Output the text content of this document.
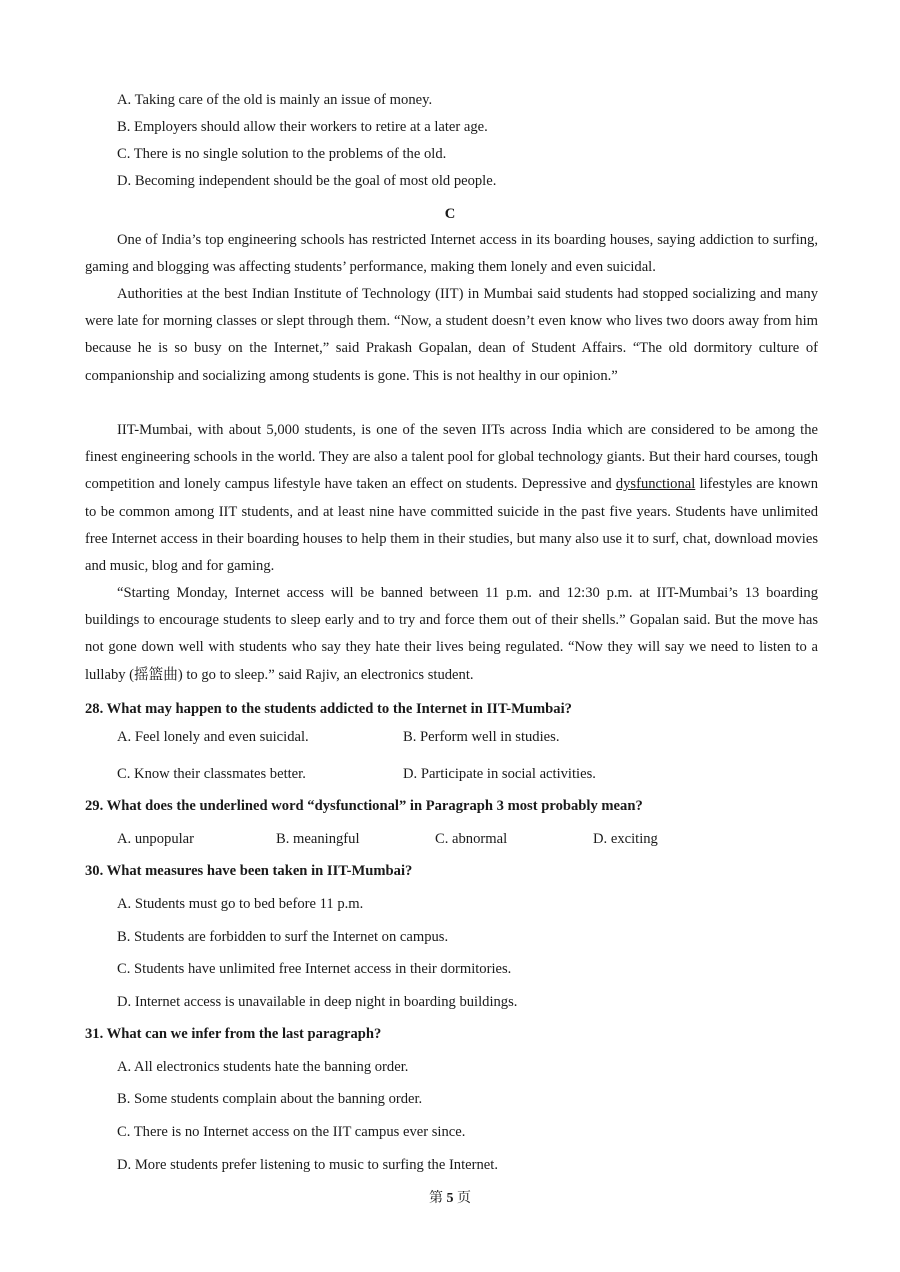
A. Taking care of the old is mainly an issue of money.
B. Employers should allow their workers to retire at a later age.
C. There is no single solution to the problems of the old.
D. Becoming independent should be the goal of most old people.
C
One of India’s top engineering schools has restricted Internet access in its boarding houses, saying addiction to surfing, gaming and blogging was affecting students’ performance, making them lonely and even suicidal.
Authorities at the best Indian Institute of Technology (IIT) in Mumbai said students had stopped socializing and many were late for morning classes or slept through them. “Now, a student doesn’t even know who lives two doors away from him because he is so busy on the Internet,” said Prakash Gopalan, dean of Student Affairs. “The old dormitory culture of companionship and socializing among students is gone. This is not healthy in our opinion.”
IIT-Mumbai, with about 5,000 students, is one of the seven IITs across India which are considered to be among the finest engineering schools in the world. They are also a talent pool for global technology giants. But their hard courses, tough competition and lonely campus lifestyle have taken an effect on students. Depressive and dysfunctional lifestyles are known to be common among IIT students, and at least nine have committed suicide in the past five years. Students have unlimited free Internet access in their boarding houses to help them in their studies, but many also use it to surf, chat, download movies and music, blog and for gaming.
“Starting Monday, Internet access will be banned between 11 p.m. and 12:30 p.m. at IIT-Mumbai’s 13 boarding buildings to encourage students to sleep early and to try and force them out of their shells.” Gopalan said. But the move has not gone down well with students who say they hate their lives being regulated. “Now they will say we need to listen to a lullaby (摇篮曲) to go to sleep.” said Rajiv, an electronics student.
28. What may happen to the students addicted to the Internet in IIT-Mumbai?
A. Feel lonely and even suicidal.	B. Perform well in studies.
C. Know their classmates better.	D. Participate in social activities.
29. What does the underlined word “dysfunctional” in Paragraph 3 most probably mean?
A. unpopular	B. meaningful	C. abnormal	D. exciting
30. What measures have been taken in IIT-Mumbai?
A. Students must go to bed before 11 p.m.
B. Students are forbidden to surf the Internet on campus.
C. Students have unlimited free Internet access in their dormitories.
D. Internet access is unavailable in deep night in boarding buildings.
31. What can we infer from the last paragraph?
A. All electronics students hate the banning order.
B. Some students complain about the banning order.
C. There is no Internet access on the IIT campus ever since.
D. More students prefer listening to music to surfing the Internet.
第 5 页
